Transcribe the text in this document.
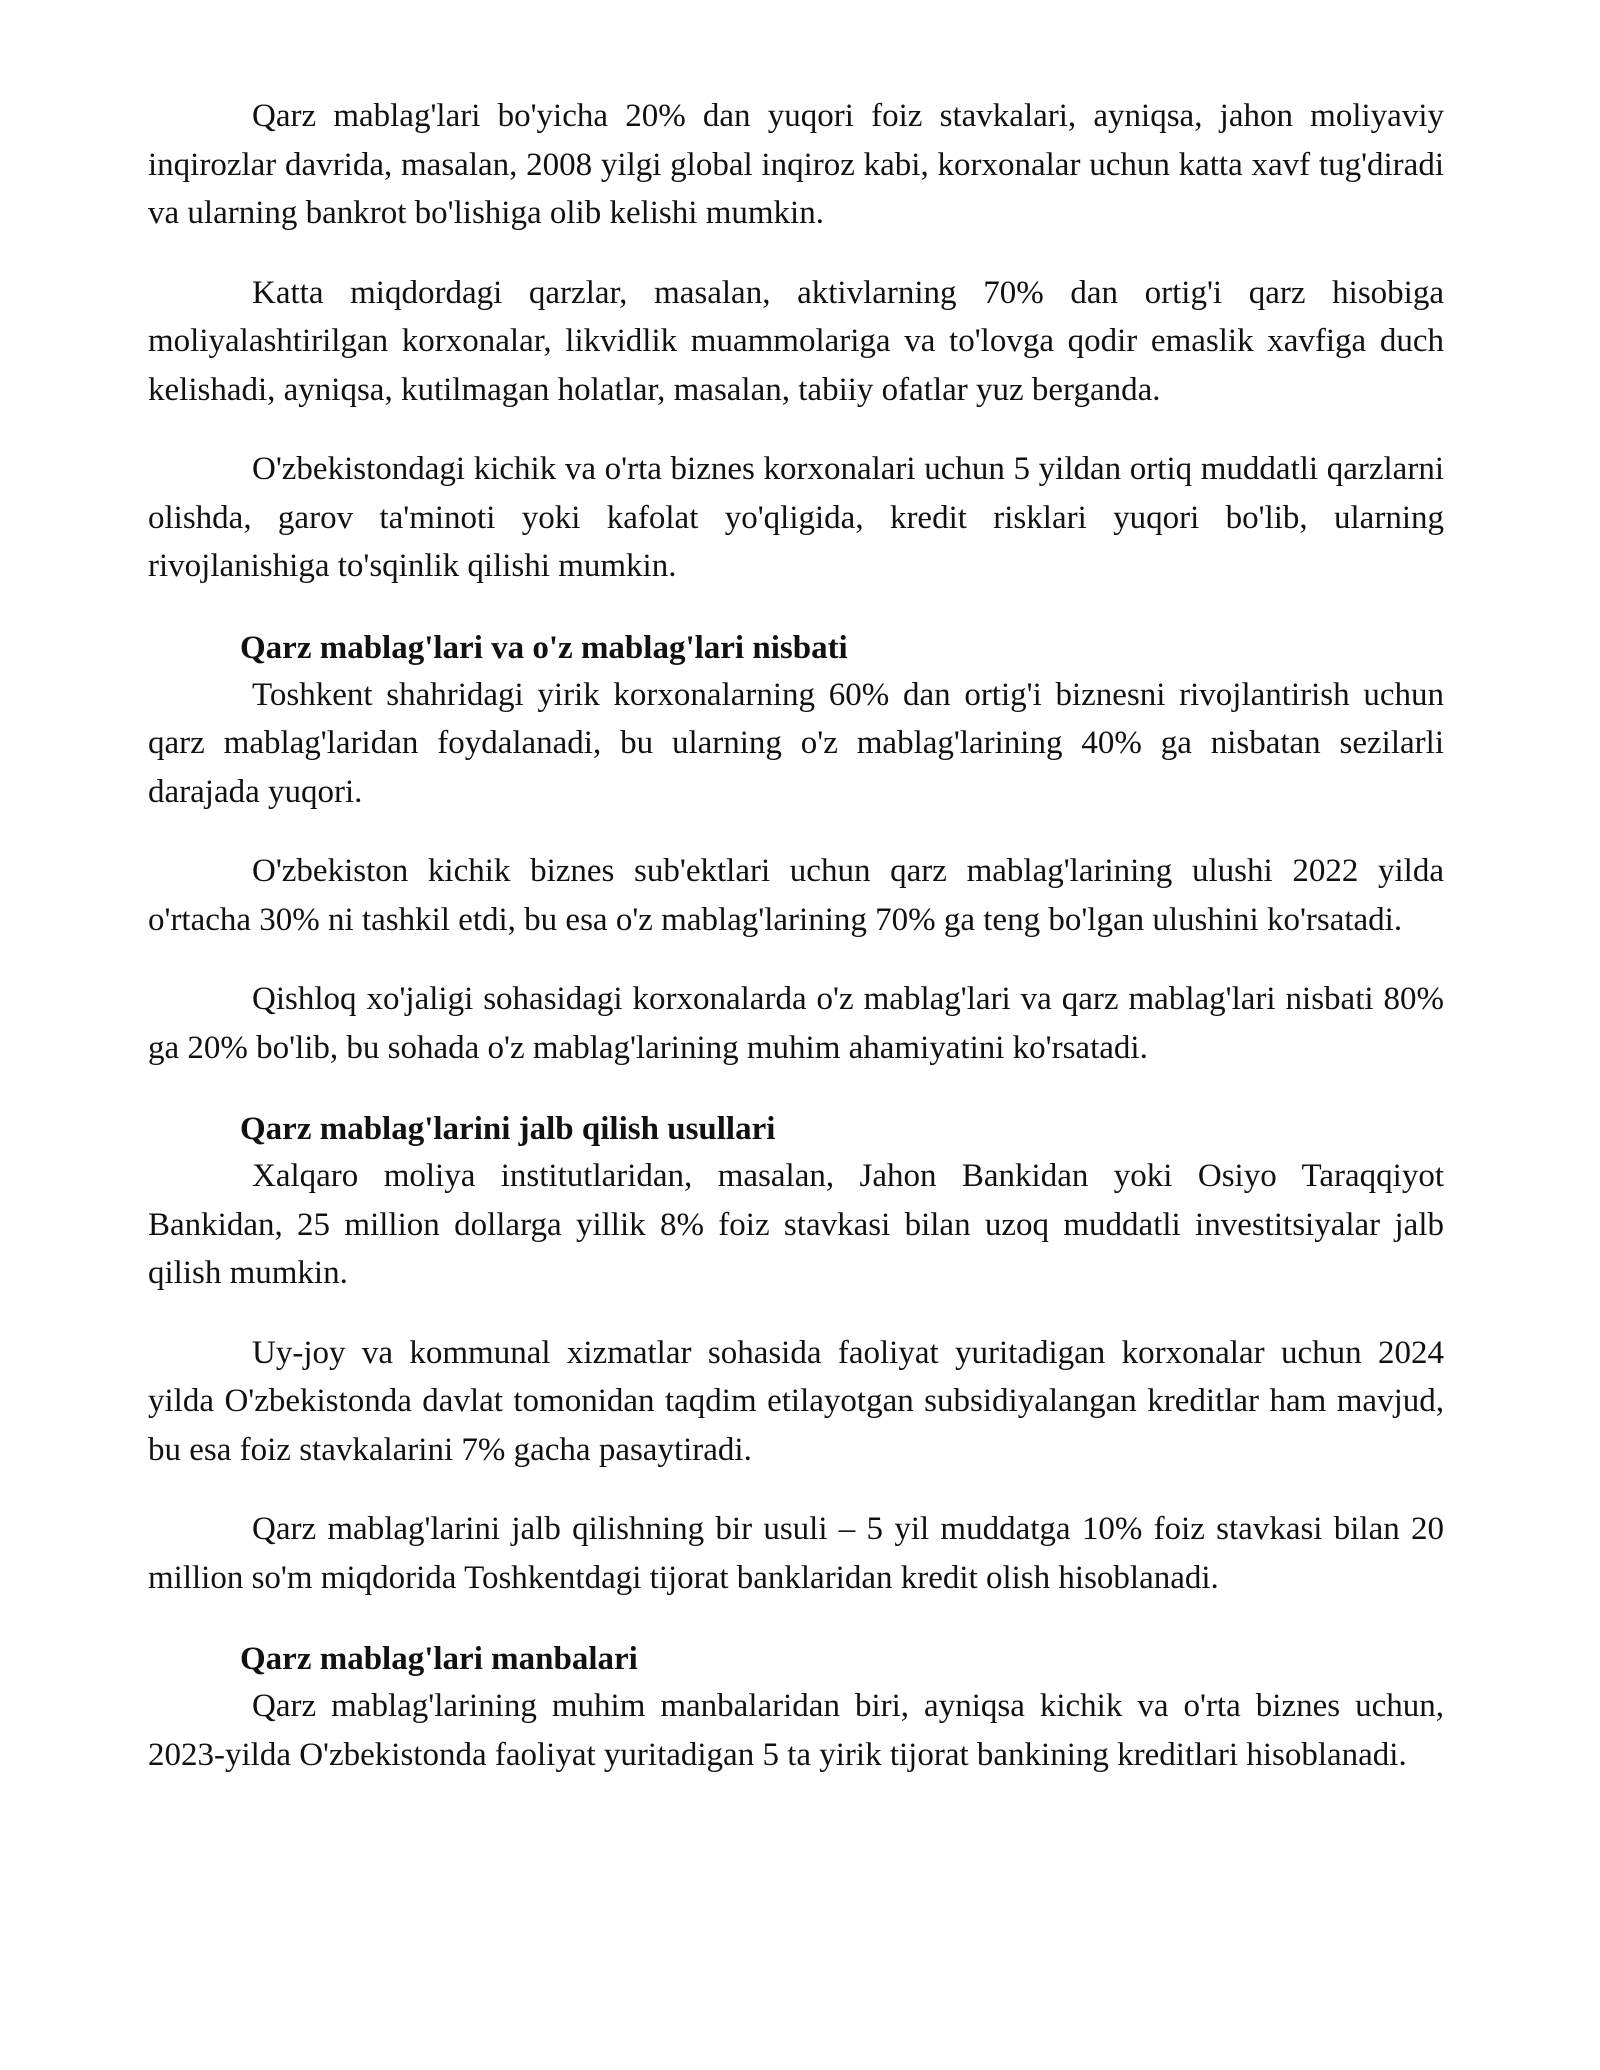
Qarz mablag'lari bo'yicha 20% dan yuqori foiz stavkalari, ayniqsa, jahon moliyaviy inqirozlar davrida, masalan, 2008 yilgi global inqiroz kabi, korxonalar uchun katta xavf tug'diradi va ularning bankrot bo'lishiga olib kelishi mumkin.

Katta miqdordagi qarzlar, masalan, aktivlarning 70% dan ortig'i qarz hisobiga moliyalashtirilgan korxonalar, likvidlik muammolariga va to'lovga qodir emaslik xavfiga duch kelishadi, ayniqsa, kutilmagan holatlar, masalan, tabiiy ofatlar yuz berganda.

O'zbekistondagi kichik va o'rta biznes korxonalari uchun 5 yildan ortiq muddatli qarzlarni olishda, garov ta'minoti yoki kafolat yo'qligida, kredit risklari yuqori bo'lib, ularning rivojlanishiga to'sqinlik qilishi mumkin.

Qarz mablag'lari va o'z mablag'lari nisbati

Toshkent shahridagi yirik korxonalarning 60% dan ortig'i biznesni rivojlantirish uchun qarz mablag'laridan foydalanadi, bu ularning o'z mablag'larining 40% ga nisbatan sezilarli darajada yuqori.

O'zbekiston kichik biznes sub'ektlari uchun qarz mablag'larining ulushi 2022 yilda o'rtacha 30% ni tashkil etdi, bu esa o'z mablag'larining 70% ga teng bo'lgan ulushini ko'rsatadi.

Qishloq xo'jaligi sohasidagi korxonalarda o'z mablag'lari va qarz mablag'lari nisbati 80% ga 20% bo'lib, bu sohada o'z mablag'larining muhim ahamiyatini ko'rsatadi.

Qarz mablag'larini jalb qilish usullari

Xalqaro moliya institutlaridan, masalan, Jahon Bankidan yoki Osiyo Taraqqiyot Bankidan, 25 million dollarga yillik 8% foiz stavkasi bilan uzoq muddatli investitsiyalar jalb qilish mumkin.

Uy-joy va kommunal xizmatlar sohasida faoliyat yuritadigan korxonalar uchun 2024 yilda O'zbekistonda davlat tomonidan taqdim etilayotgan subsidiyalangan kreditlar ham mavjud, bu esa foiz stavkalarini 7% gacha pasaytiradi.

Qarz mablag'larini jalb qilishning bir usuli – 5 yil muddatga 10% foiz stavkasi bilan 20 million so'm miqdorida Toshkentdagi tijorat banklaridan kredit olish hisoblanadi.

Qarz mablag'lari manbalari

Qarz mablag'larining muhim manbalaridan biri, ayniqsa kichik va o'rta biznes uchun, 2023-yilda O'zbekistonda faoliyat yuritadigan 5 ta yirik tijorat bankining kreditlari hisoblanadi.
